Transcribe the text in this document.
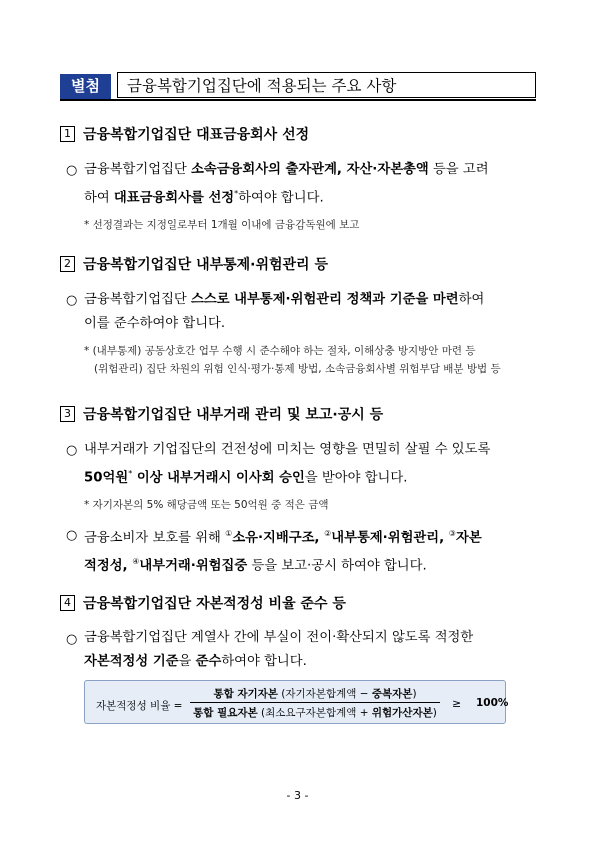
별첨	금융복합기업집단에 적용되는 주요 사항
1 금융복합기업집단 대표금융회사 선정
○ 금융복합기업집단 소속금융회사의 출자관계, 자산·자본총액 등을 고려
하여 대표금융회사를 선정*하여야 합니다.
* 선정결과는 지정일로부터 1개월 이내에 금융감독원에 보고
2 금융복합기업집단 내부통제·위험관리 등
○ 금융복합기업집단 스스로 내부통제·위험관리 정책과 기준을 마련하여
이를 준수하여야 합니다.
* (내부통제) 공동상호간 업무 수행 시 준수해야 하는 절차, 이해상충 방지방안 마련 등
(위험관리) 집단 차원의 위험 인식·평가·통제 방법, 소속금융회사별 위험부담 배분 방법 등
3 금융복합기업집단 내부거래 관리 및 보고·공시 등
○ 내부거래가 기업집단의 건전성에 미치는 영향을 면밀히 살필 수 있도록
50억원* 이상 내부거래시 이사회 승인을 받아야 합니다.
* 자기자본의 5% 해당금액 또는 50억원 중 적은 금액
○ 금융소비자 보호를 위해 ①소유·지배구조, ②내부통제·위험관리, ③자본
적정성, ④내부거래·위험집중 등을 보고·공시 하여야 합니다.
4 금융복합기업집단 자본적정성 비율 준수 등
○ 금융복합기업집단 계열사 간에 부실이 전이·확산되지 않도록 적정한
자본적정성 기준을 준수하여야 합니다.
자본적정성 비율 =
통합 자기자본 (자기자본합계액 − 중복자본)
통합 필요자본 (최소요구자본합계액 + 위험가산자본)
≥ 100%
- 3 -
